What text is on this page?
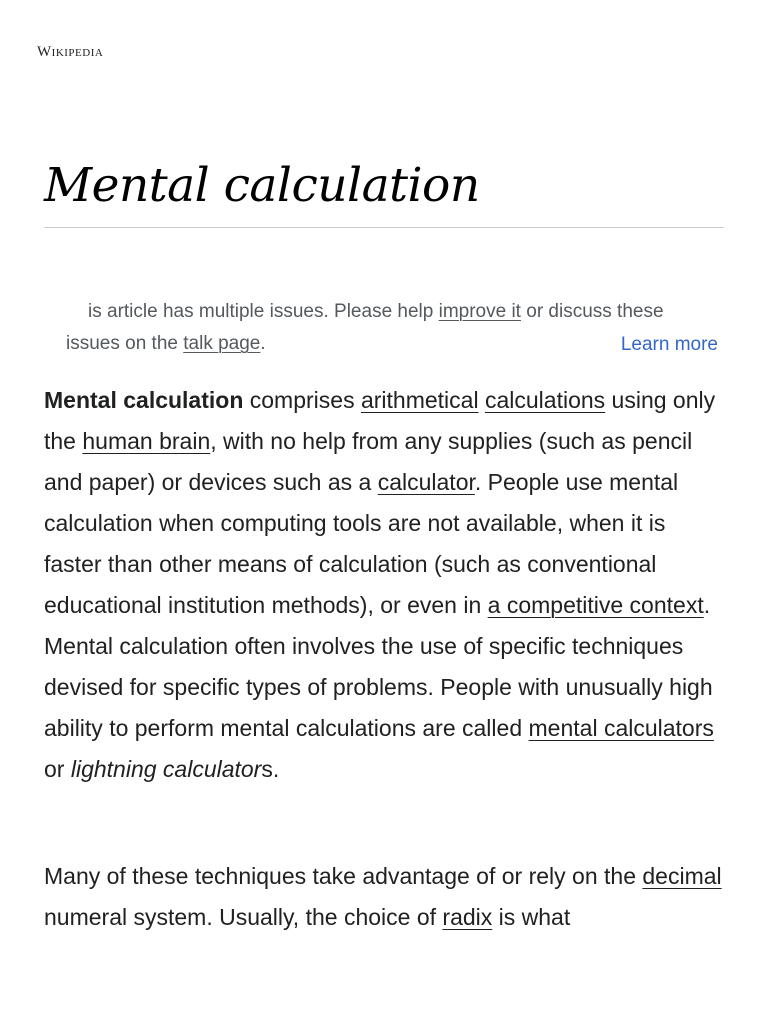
Wikipedia
Mental calculation
is article has multiple issues. Please help improve it or discuss these
issues on the talk page.	Learn more

Mental calculation comprises arithmetical calculations using only the human brain, with no help from any supplies (such as pencil and paper) or devices such as a calculator. People use mental calculation when computing tools are not available, when it is faster than other means of calculation (such as conventional educational institution methods), or even in a competitive context. Mental calculation often involves the use of specific techniques devised for specific types of problems. People with unusually high ability to perform mental calculations are called mental calculators or lightning calculators.

Many of these techniques take advantage of or rely on the decimal numeral system. Usually, the choice of radix is what
